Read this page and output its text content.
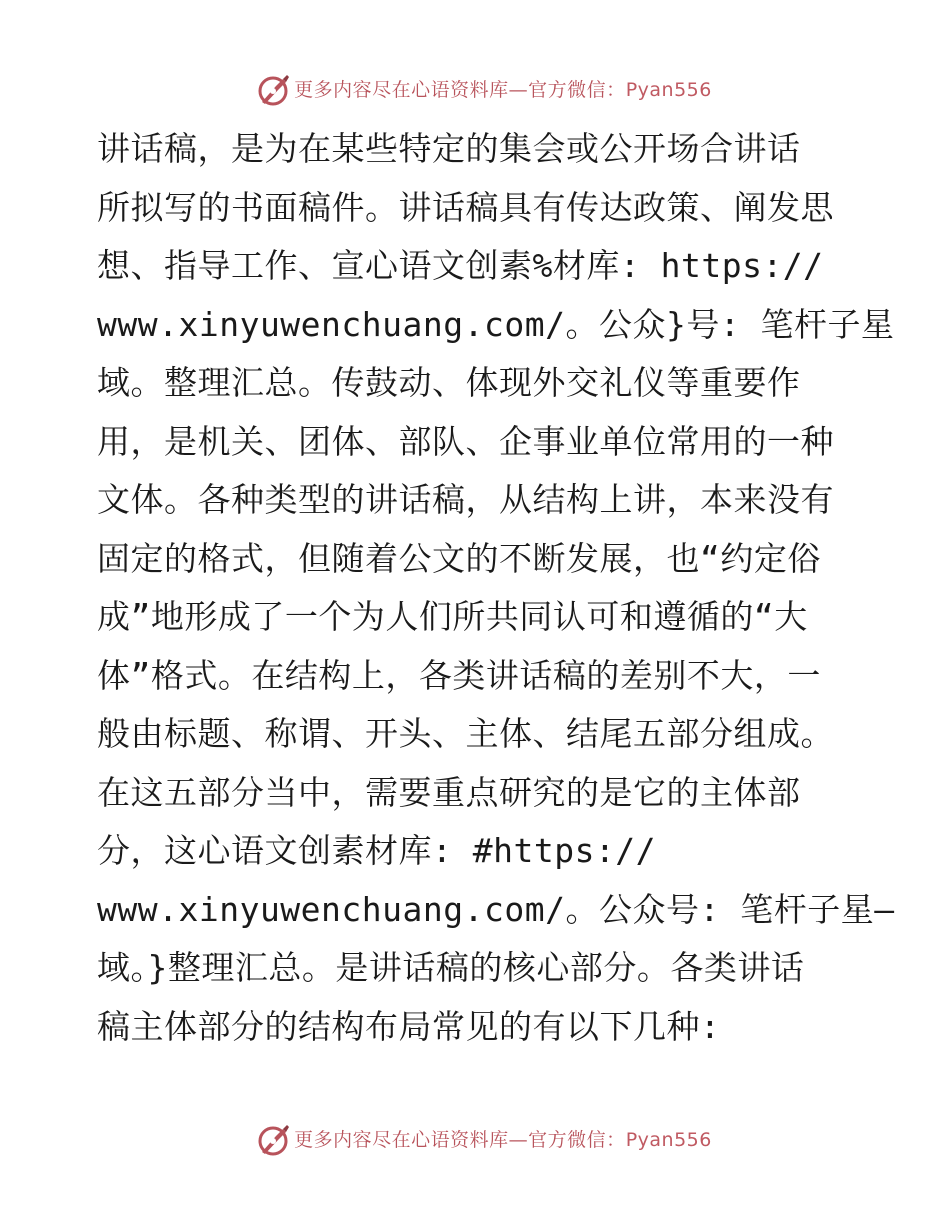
更多内容尽在心语资料库—官方微信：Pyan556
讲话稿，是为在某些特定的集会或公开场合讲话
所拟写的书面稿件。讲话稿具有传达政策、阐发思
想、指导工作、宣心语文创素%材库: https://
www.xinyuwenchuang.com/。公众}号: 笔杆子星
域。整理汇总。传鼓动、体现外交礼仪等重要作
用，是机关、团体、部队、企事业单位常用的一种
文体。各种类型的讲话稿，从结构上讲，本来没有
固定的格式，但随着公文的不断发展，也“约定俗
成”地形成了一个为人们所共同认可和遵循的“大
体”格式。在结构上，各类讲话稿的差别不大，一
般由标题、称谓、开头、主体、结尾五部分组成。
在这五部分当中，需要重点研究的是它的主体部
分，这心语文创素材库: #https://
www.xinyuwenchuang.com/。公众号: 笔杆子星—
域。}整理汇总。是讲话稿的核心部分。各类讲话
稿主体部分的结构布局常见的有以下几种:
更多内容尽在心语资料库—官方微信：Pyan556
